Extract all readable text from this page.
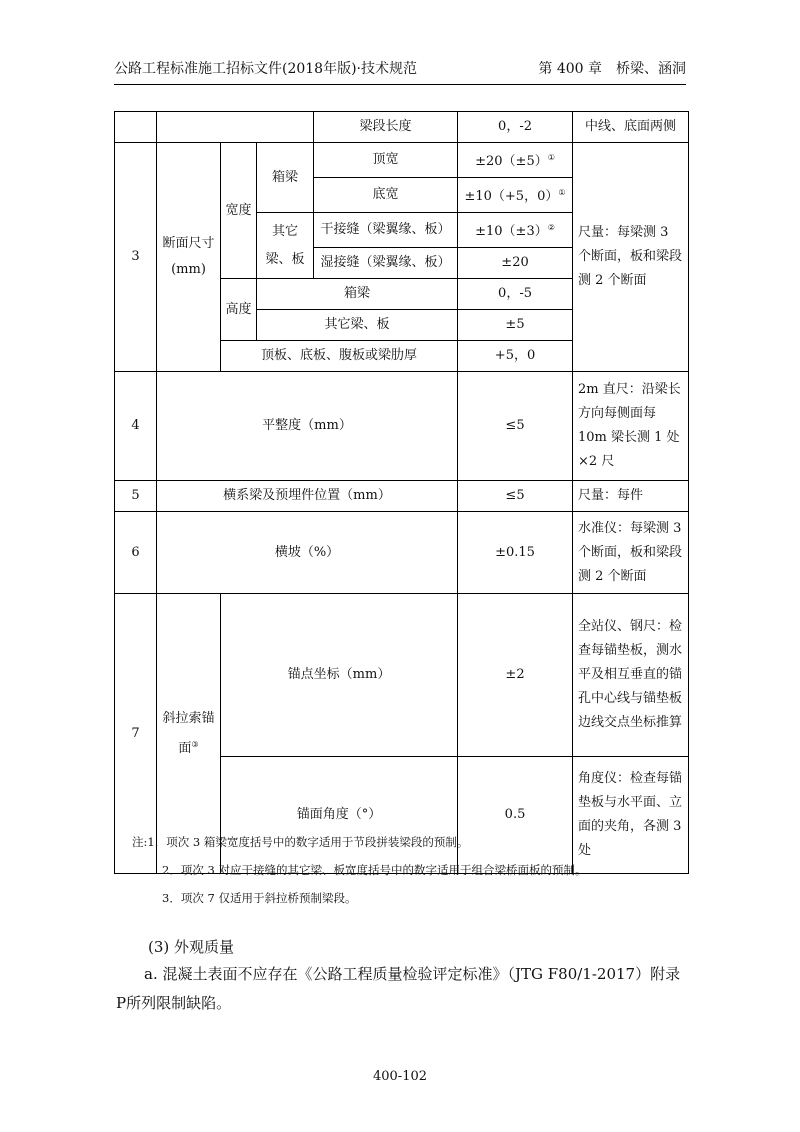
公路工程标准施工招标文件(2018年版)·技术规范	第 400 章　桥梁、涵洞
				梁段长度	0，-2	中线、底面两侧
3	断面尺寸(mm)	宽度	箱梁	顶宽	±20（±5）①	尺量：每梁测 3 个断面，板和梁段测 2 个断面
				底宽	±10（+5，0）①
			其它梁、板	干接缝（梁翼缘、板）	±10（±3）②
				湿接缝（梁翼缘、板）	±20	
		高度	箱梁		0，-5	
			其它梁、板		±5	
		顶板、底板、腹板或梁肋厚			+5，0	
4	平整度（mm）				≤5	2m 直尺：沿梁长方向每侧面每 10m 梁长测 1 处×2 尺
5	横系梁及预埋件位置（mm）				≤5	尺量：每件
6	横坡（%）				±0.15	水准仪：每梁测 3 个断面，板和梁段测 2 个断面
7	斜拉索锚面③	锚点坐标（mm）			±2	全站仪、钢尺：检查每锚垫板，测水平及相互垂直的锚孔中心线与锚垫板边线交点坐标推算
		锚面角度（°）			0.5	角度仪：检查每锚垫板与水平面、立面的夹角，各测 3 处

注:1．项次 3 箱梁宽度括号中的数字适用于节段拼装梁段的预制。

2．项次 3 对应干接缝的其它梁、板宽度括号中的数字适用于组合梁桥面板的预制。

3．项次 7 仅适用于斜拉桥预制梁段。

(3) 外观质量
a. 混凝土表面不应存在《公路工程质量检验评定标准》（JTG F80/1-2017）附录P所列限制缺陷。
400-102
